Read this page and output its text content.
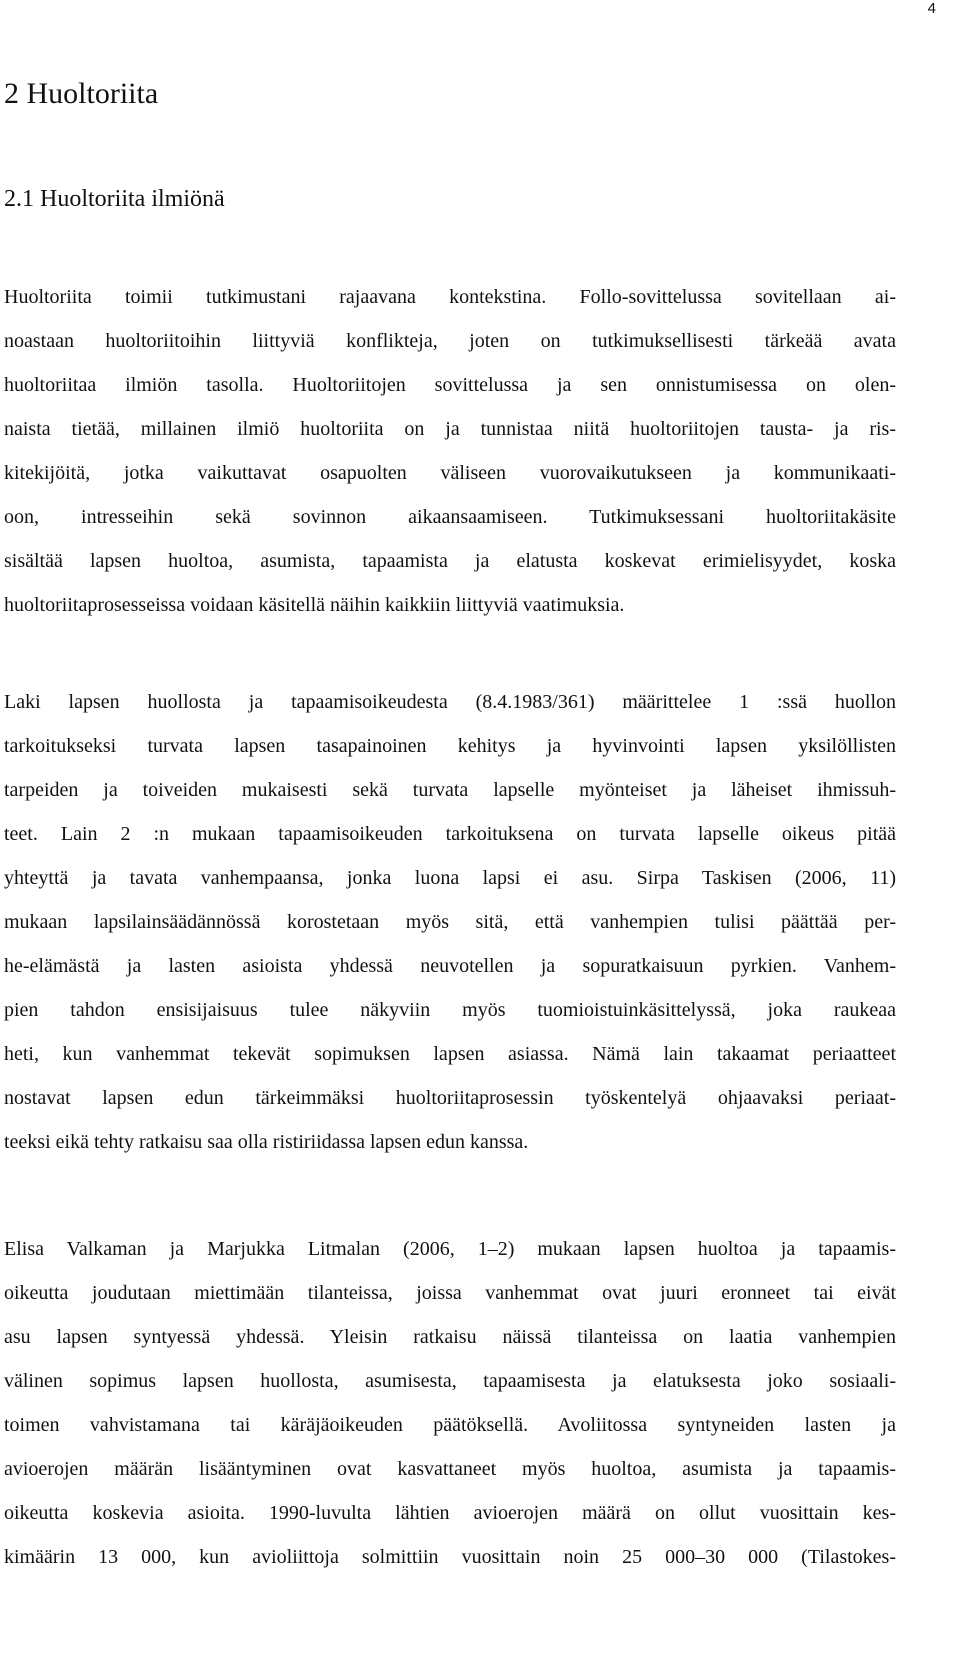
4
2 Huoltoriita
2.1 Huoltoriita ilmiönä
Huoltoriita toimii tutkimustani rajaavana kontekstina. Follo-sovittelussa sovitellaan ai-
noastaan huoltoriitoihin liittyviä konflikteja, joten on tutkimuksellisesti tärkeää avata
huoltoriitaa ilmiön tasolla. Huoltoriitojen sovittelussa ja sen onnistumisessa on olen-
naista tietää, millainen ilmiö huoltoriita on ja tunnistaa niitä huoltoriitojen tausta- ja ris-
kitekijöitä, jotka vaikuttavat osapuolten väliseen vuorovaikutukseen ja kommunikaati-
oon, intresseihin sekä sovinnon aikaansaamiseen. Tutkimuksessani huoltoriitakäsite
sisältää lapsen huoltoa, asumista, tapaamista ja elatusta koskevat erimielisyydet, koska
huoltoriitaprosesseissa voidaan käsitellä näihin kaikkiin liittyviä vaatimuksia.
Laki lapsen huollosta ja tapaamisoikeudesta (8.4.1983/361) määrittelee 1 :ssä huollon
tarkoitukseksi turvata lapsen tasapainoinen kehitys ja hyvinvointi lapsen yksilöllisten
tarpeiden ja toiveiden mukaisesti sekä turvata lapselle myönteiset ja läheiset ihmissuh-
teet. Lain 2 :n mukaan tapaamisoikeuden tarkoituksena on turvata lapselle oikeus pitää
yhteyttä ja tavata vanhempaansa, jonka luona lapsi ei asu. Sirpa Taskisen (2006, 11)
mukaan lapsilainsäädännössä korostetaan myös sitä, että vanhempien tulisi päättää per-
he-elämästä ja lasten asioista yhdessä neuvotellen ja sopuratkaisuun pyrkien. Vanhem-
pien tahdon ensisijaisuus tulee näkyviin myös tuomioistuinkäsittelyssä, joka raukeaa
heti, kun vanhemmat tekevät sopimuksen lapsen asiassa. Nämä lain takaamat periaatteet
nostavat lapsen edun tärkeimmäksi huoltoriitaprosessin työskentelyä ohjaavaksi periaat-
teeksi eikä tehty ratkaisu saa olla ristiriidassa lapsen edun kanssa.
Elisa Valkaman ja Marjukka Litmalan (2006, 1–2) mukaan lapsen huoltoa ja tapaamis-
oikeutta joudutaan miettimään tilanteissa, joissa vanhemmat ovat juuri eronneet tai eivät
asu lapsen syntyessä yhdessä. Yleisin ratkaisu näissä tilanteissa on laatia vanhempien
välinen sopimus lapsen huollosta, asumisesta, tapaamisesta ja elatuksesta joko sosiaali-
toimen vahvistamana tai käräjäoikeuden päätöksellä. Avoliitossa syntyneiden lasten ja
avioerojen määrän lisääntyminen ovat kasvattaneet myös huoltoa, asumista ja tapaamis-
oikeutta koskevia asioita. 1990-luvulta lähtien avioerojen määrä on ollut vuosittain kes-
kimäärin 13 000, kun avioliittoja solmittiin vuosittain noin 25 000–30 000 (Tilastokes-
